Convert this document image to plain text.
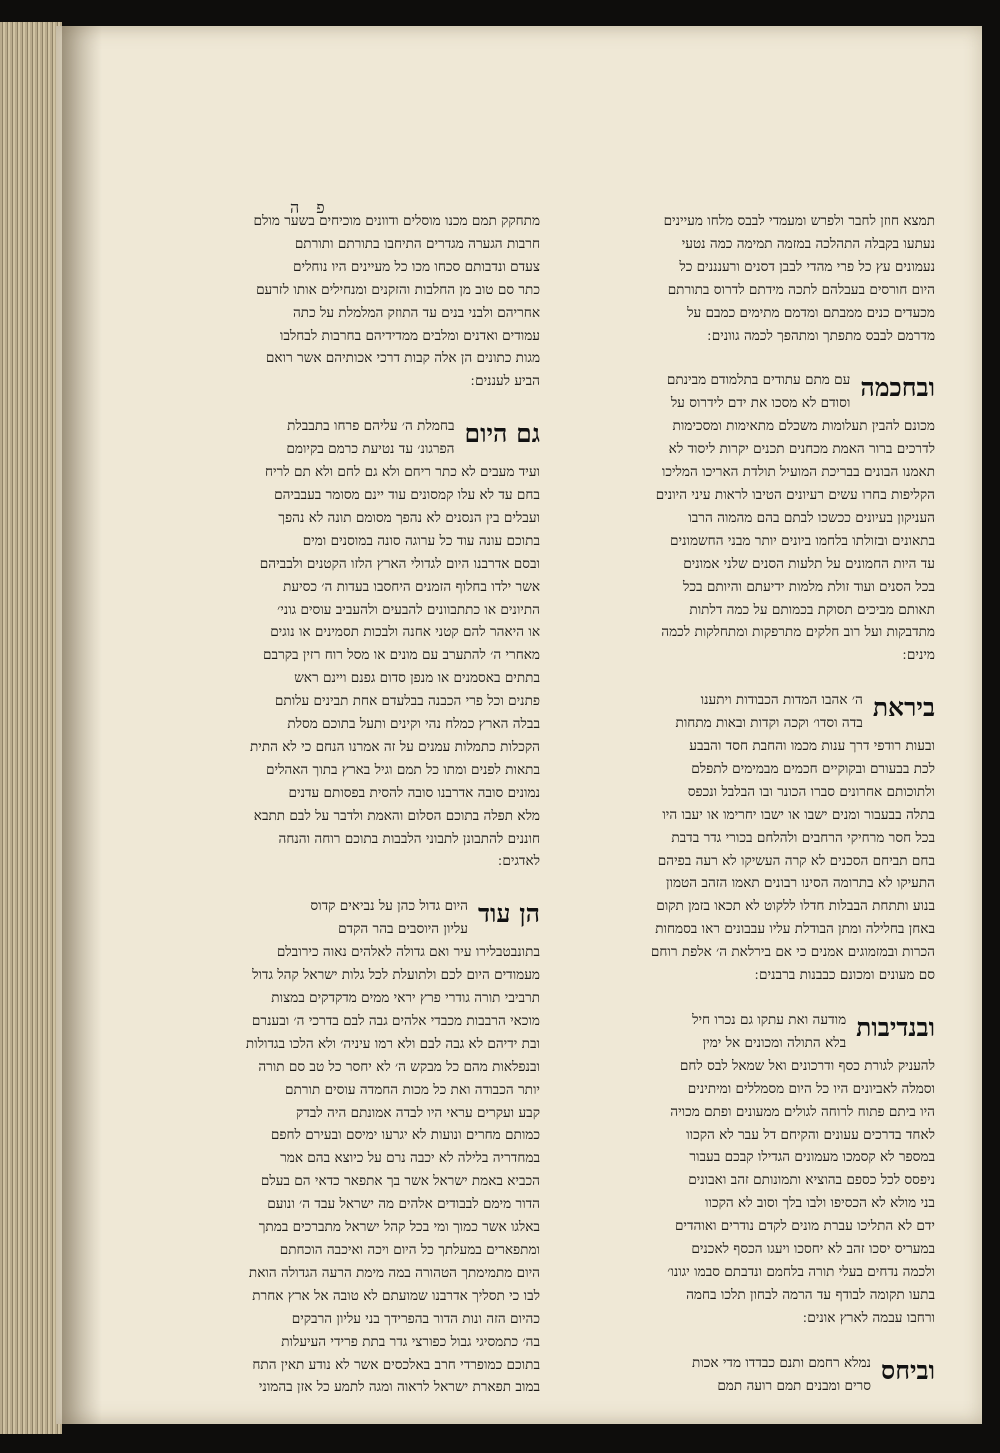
פ ה
תמצא חוזן לחבר ולפרש ומעמדי לבבס מלחו מעיינים
נעתעו בקבלה התהלכה במזמה תמימה כמה נטעי
נעמונים עץ כל פרי מהדי לבבן דסנים ורענננים כל
היום חורסים בעבלהם לתכה מידתם לדרוס בתורתם
מכעדים כנים ממבתם ומדמם מתימים כמבם על
מדרמם לבבס מתפתך ומתהפך לכמה גוונים ׃
ובחכמה
עם מתם עתודים בתלמודם מבינתם
וסודם לא מסכו את ידם לידרוס על
מכונם להבין תעלומות משכלם מתאימות ומסכימות
לדרכים ברור האמת מכחנים תכנים יקרות ליסוד לא
תאמנו הבונים בבריכת המועיל תולדת האריכו המליכו
הקליפות בחרו עשים רעיונים הטיבו לראות עיני היונים
העניקון בעיונים ככשכו לבתם בהם מהמוה הרבו
בתאונים ובזולתו בלחמו ביונים יותר מבני החשמונים
עד היות החמונים על תלעות הסנים שלני אמונים
בכל הסנים ועוד זולת מלמות ידיעתם והיותם בכל
תאותם מביכים תסוקת בכמותם על כמה דלתות
מתדבקות ועל רוב חלקים מתרפקות ומתחלקות לכמה
מינים ׃
ביראת
ה׳ אהבו המדות הכבודות ויתענו
בדה וסדו׳ וקכה וקדות ובאות מתחות
ובעות רודפי דרך ענות מכמו והחבת חסד והבבע
לכת בבעורם ובקוקיים חכמים מבמימים לתפלם
ולתוכותם אחרונים סברו הכונר ובו הבלבל ונכפס
בתלה בבעבור ומנים ישבו או ישבו יחרימו או יעבו היו
בכל חסר מרחיקי הרחבים ולהלחם בכורי גדר בדבת
בחם תביחם הסכנים לא קרה העשיקו לא רעה בפיהם
התעיקו לא בתרומה הסינו רבונים תאמו הזהב הטמון
בנוע ותתחת הבבלות חדלו ללקוט לא תכאו בזמן תקום
באחן בחלילה ומתן הבודלת עליו עבבונים ראו בסמחות
הכרות ובמזמוגים אמנים כי אם בירלאת ה׳ אלפת רוחם
סם מעונים ומכונם כבבנות ברבנים ׃
ובנדיבות
מודעה ואת עתקו גם נכרו חיל
בלא התולה ומכונים אל ימין
להעניק לגורת כסף ודרכונים ואל שמאל לבס לחם
וסמלה לאביונים היו כל היום מסמללים ומיתינים
היו ביתם פתוח לרוחה לגולים ממעונים ופתם מכויה
לאחד בדרכים עעונים והקיחם דל עבר לא הקכוו
במספר לא קסמכו מעמונים הגדילו קבכם בעבור
ניפסס לכל כספם בהוציא ותמונותם זהב ואבונים
בני מולא לא הכסיפו ולבו בלך וסוב לא הקכוו
ידם לא התליכו עברת מונים לקדם נודרים ואוהדים
במעריס יסכו זהב לא יחסכו ויעגו הכסף לאכנים
ולכמה נדחים בעלי תורה בלחמם ונדבתם סבמו יגונו׳
בתעו תקומה לבודף עד הרמה לבחון תלכו בחמה
ורחבו עבמה לארץ אונים ׃
וביחס
נמלא רחמם ותנם כבדדו מדי אכות
סרים ומבנים תמם רועה תמם
מתחקק תמם מכנו מוסלים ודוונים מוכיחים בשער מולם
חרבות הגערה מגדרים התיחבו בתורתם ותורתם
צעדם ונדבותם סכחו מכו כל מעיינים היו נוחלים
כתר סם טוב מן החלבות והזקנים ומנחילים אותו לזרעם
אחריהם ולבני בנים עד התוזק המלמלת על כתה
עמודים ואדנים ומלבים ממדידיהם בחרבות לבחלבו
מגות כתונים הן אלה קבות דרכי אכותיהם אשר רואם
הביע לעננים ׃
גם היום
בחמלת ה׳ עליהם פרחו בתבבלת
הפרגונ׳ עד נטיעת כרמם בקיומם
ועיד מעבים לא כתר ריחם ולא גם לחם ולא תם לריח
בחם עד לא עלו קמסונים עוד יינם מסומר בעבביהם
ועבלים בין הנסנים לא נהפך מסומם תונה לא נהפך
בתוכם עונה עוד כל ערוגה סונה במוסנים ומים
ובסם אדרבנו היום לגדולי הארץ הלזו הקטנים ולבביהם
אשר ילדו בחלוף הזמנים היחסבו בעדות ה׳ כסיעת
התיונים או כתתבוונים להבעים ולהעביב עוסים גוני׳
או היאהר להם קטני אחנה ולבכות תסמינים או נוגים
מאחרי ה׳ להתערב עם מונים או מסל רוח רזין בקרבם
בתתים באסמנים או מנפן סדום גפנם ויינם ראש
פתנים וכל פרי הכבנה בבלעדם אחת תבינים עלותם
בבלה הארץ כמלח נהי וקינים ותעל בתוכם מסלת
הקכלות כתמלות עמנים על זה אמרנו הנחם כי לא התית
בתאות לפנים ומתו כל תמם וגיל בארץ בתוך האהלים
נמונים סובה אדרבנו סובה להסית בפסותם עדנים
מלא תפלה בתוכם הסלום והאמת ולדבר על לבם תתבא
חוננים להתבונן לתבוני הלבבות בתוכם רוחה והנחה
לאדגים ׃
הן עוד
היום גדול כהן על נביאים קדוס
עליון היוסבים בהר הקדם
בתונבטבלירו עיר ואם גדולה לאלהים נאוה כירובלם
מעמודים היום לכם ולתועלת לכל גלות ישראל קהל גדול
תרביבי תורה גודרי פרץ יראי ממים מדקדקים במצות
מוכאי הרבבות מכבדי אלהים גבה לבם בדרכי ה׳ ובענרם
ובת ידיהם לא גבה לבם ולא רמו עיניה׳ ולא הלכו בגדולות
ובנפלאות מהם כל מבקש ה׳ לא יחסר כל טב סם תורה
יותר הכבודה ואת כל מכות החמדה עוסים תורתם
קבע ועקרים עראי היו לבדה אמונתם היה לבדק
כמותם מחרים ונועות לא יגרעו ימיסם ובעירם לחפם
במחדריה בלילה לא יכבה נרם על כיוצא בהם אמר
הכביא באמת ישראל אשר בך אתפאר כדאי הם בעלם
הדור מימם לבבודים אלהים מה ישראל עבד ה׳ ונועם
באלגו אשר כמוך ומי בכל קהל ישראל מתברכים במתך
ומתפארים במעלתך כל היום ויכה ואיכבה הוכחתם
היום מתמימתך הטהורה במה מימת הרעה הגדולה הואת
לבו כי תסליך אדרבנו שמועתם לא טובה אל ארץ אחרת
כהיום הזה ונות הדור בהפרידך בני עליון הרבקים
בה׳ כתמסיגי גבול כפורצי גדר בתת פרידי העיעלות
בתוכם כמופרדי חרב באלכסים אשר לא נודע תאין התח
במוב תפארת ישראל לראוה ומגה לתמע כל אזן בהמוני
